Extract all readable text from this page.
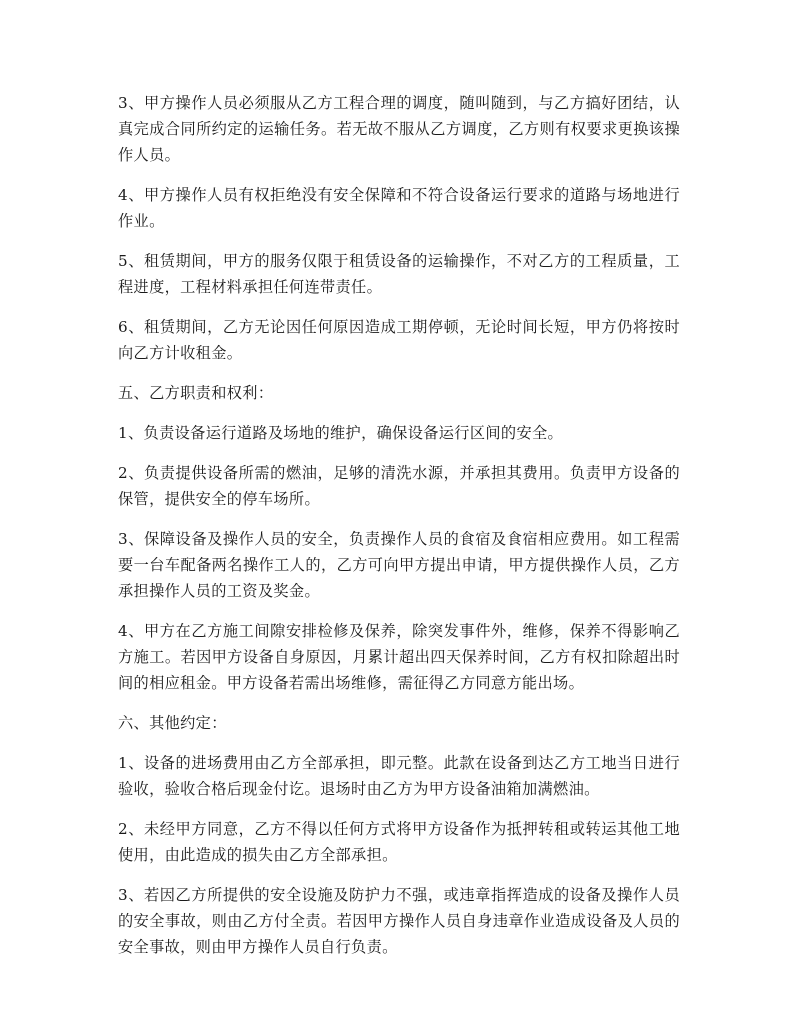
3、甲方操作人员必须服从乙方工程合理的调度，随叫随到，与乙方搞好团结，认真完成合同所约定的运输任务。若无故不服从乙方调度，乙方则有权要求更换该操作人员。

4、甲方操作人员有权拒绝没有安全保障和不符合设备运行要求的道路与场地进行作业。

5、租赁期间，甲方的服务仅限于租赁设备的运输操作，不对乙方的工程质量，工程进度，工程材料承担任何连带责任。

6、租赁期间，乙方无论因任何原因造成工期停顿，无论时间长短，甲方仍将按时向乙方计收租金。

五、乙方职责和权利：

1、负责设备运行道路及场地的维护，确保设备运行区间的安全。

2、负责提供设备所需的燃油，足够的清洗水源，并承担其费用。负责甲方设备的保管，提供安全的停车场所。

3、保障设备及操作人员的安全，负责操作人员的食宿及食宿相应费用。如工程需要一台车配备两名操作工人的，乙方可向甲方提出申请，甲方提供操作人员，乙方承担操作人员的工资及奖金。

4、甲方在乙方施工间隙安排检修及保养，除突发事件外，维修，保养不得影响乙方施工。若因甲方设备自身原因，月累计超出四天保养时间，乙方有权扣除超出时间的相应租金。甲方设备若需出场维修，需征得乙方同意方能出场。

六、其他约定：

1、设备的进场费用由乙方全部承担，即元整。此款在设备到达乙方工地当日进行验收，验收合格后现金付讫。退场时由乙方为甲方设备油箱加满燃油。

2、未经甲方同意，乙方不得以任何方式将甲方设备作为抵押转租或转运其他工地使用，由此造成的损失由乙方全部承担。

3、若因乙方所提供的安全设施及防护力不强，或违章指挥造成的设备及操作人员的安全事故，则由乙方付全责。若因甲方操作人员自身违章作业造成设备及人员的安全事故，则由甲方操作人员自行负责。
